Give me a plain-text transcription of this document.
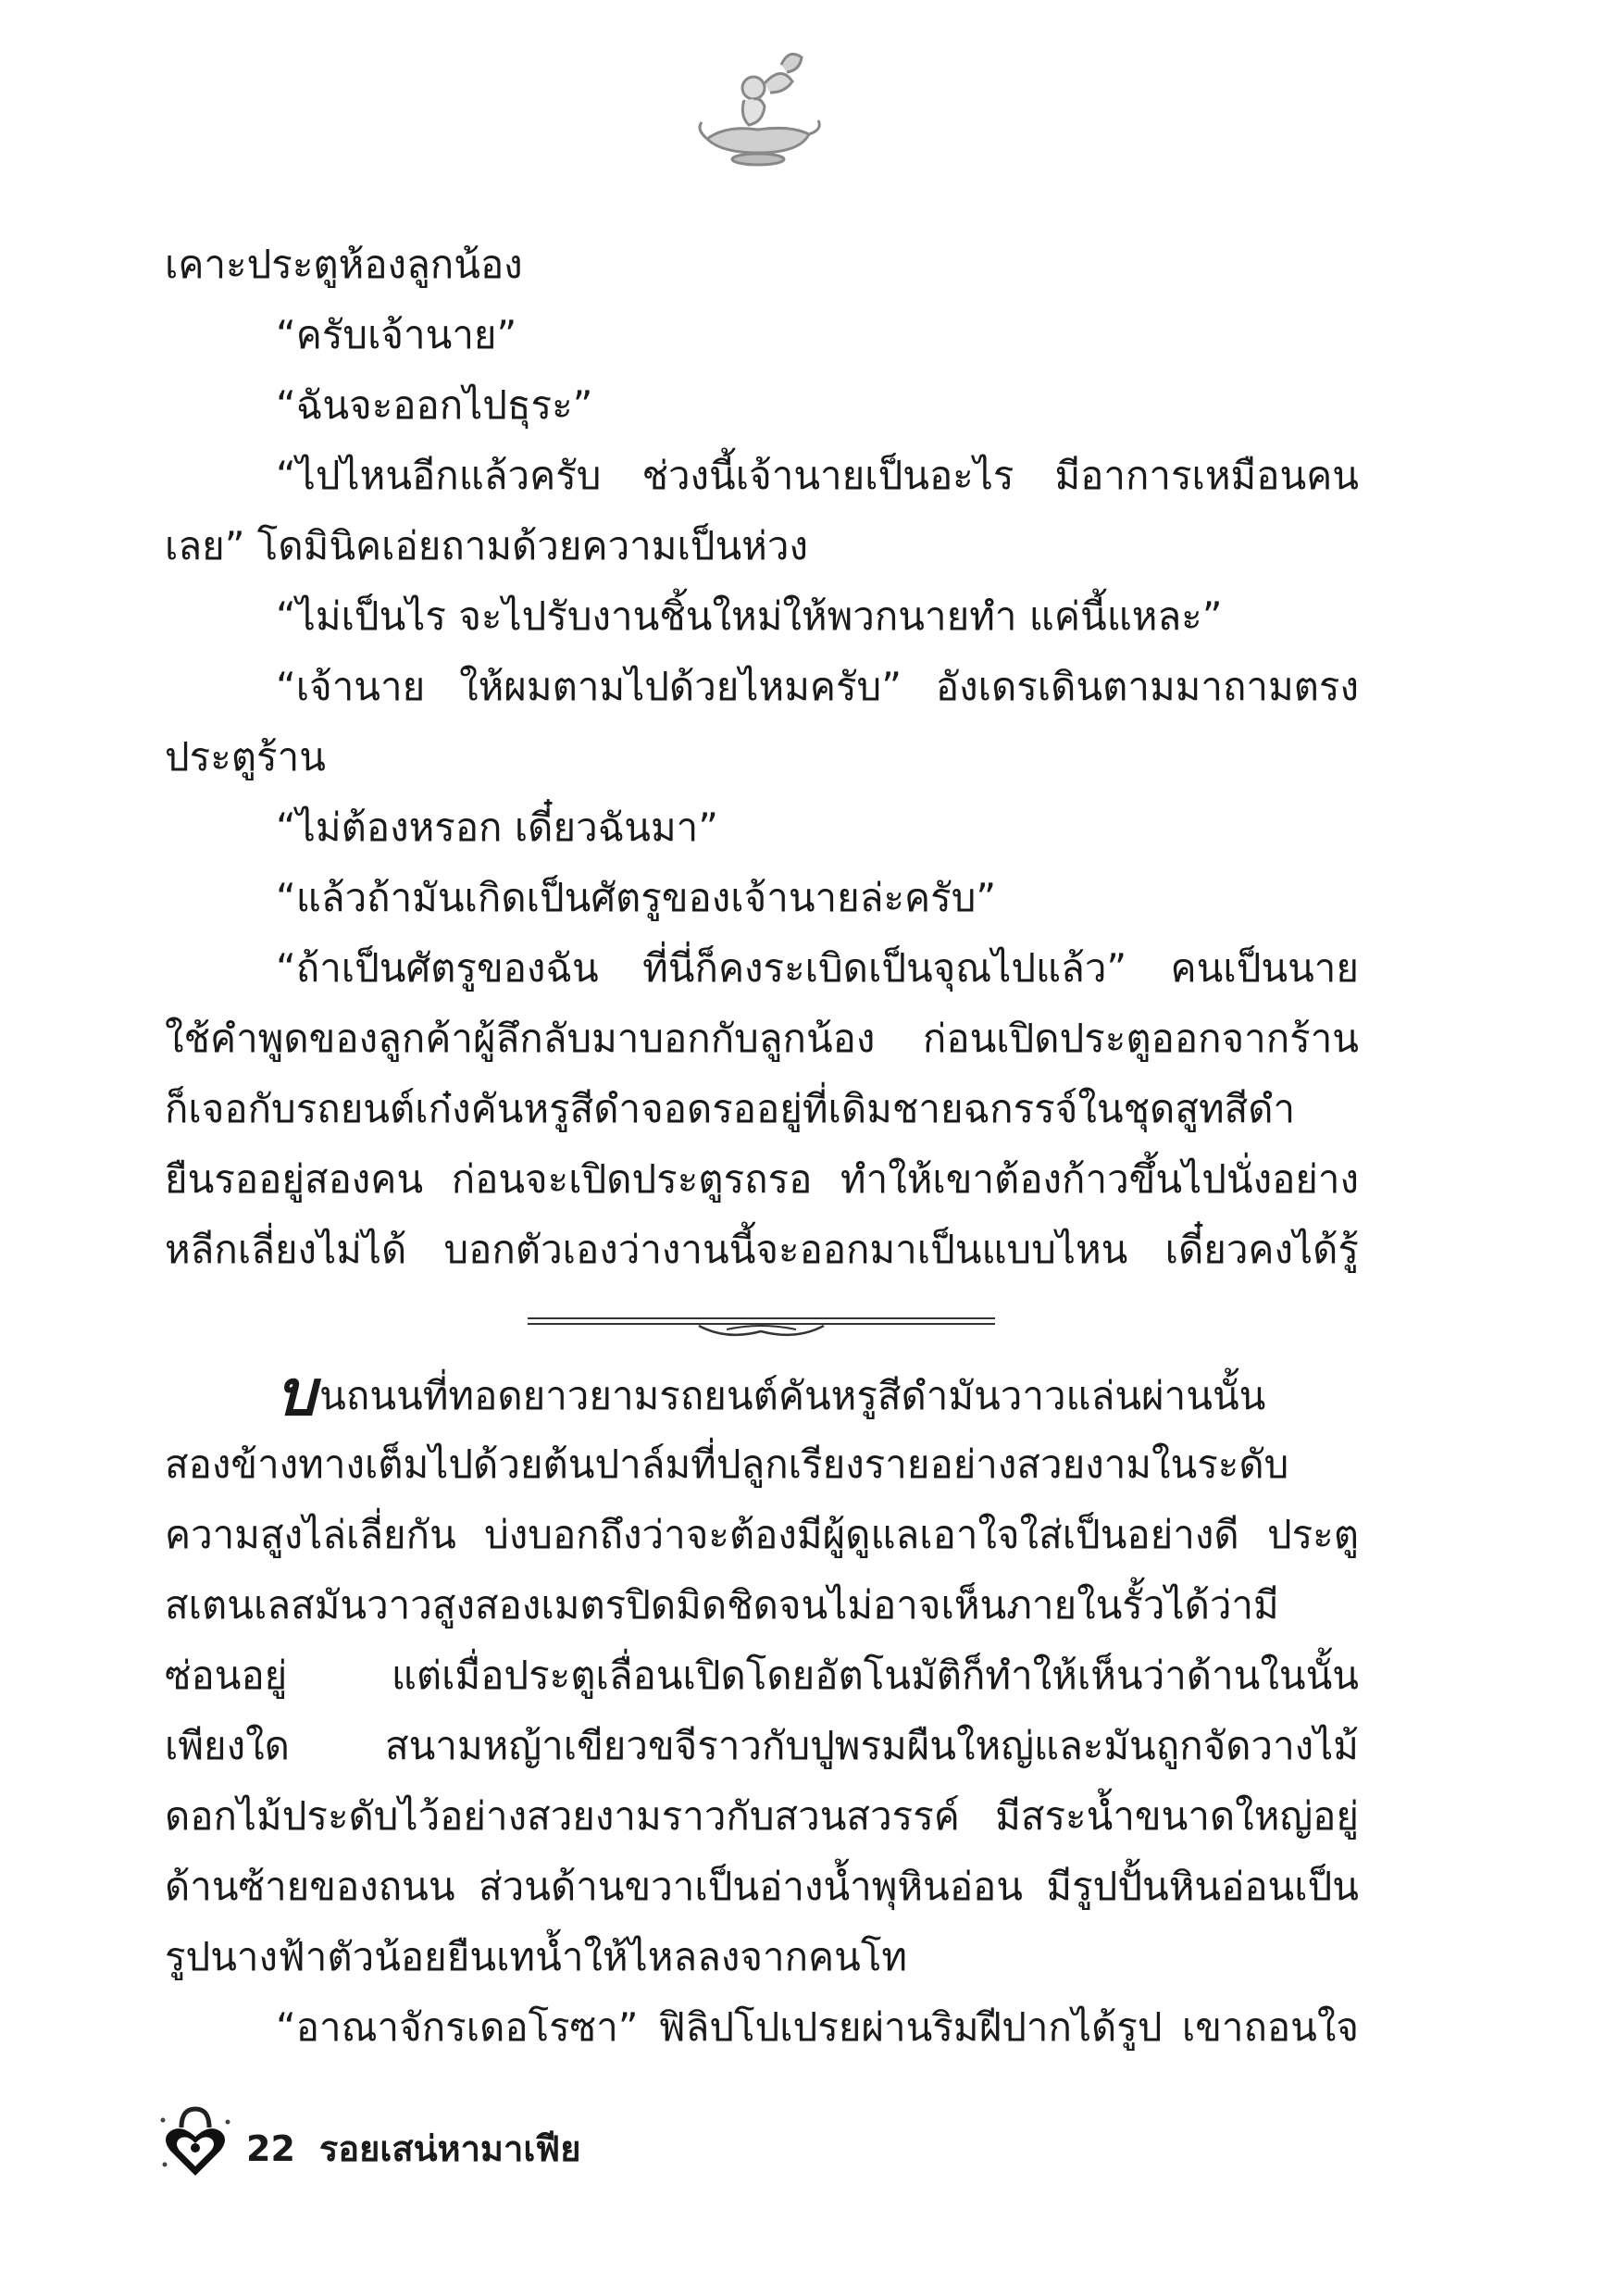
เคาะประตูห้องลูกน้อง
“ครับเจ้านาย”
“ฉันจะออกไปธุระ”
“ไปไหนอีกแล้วครับ ช่วงนี้เจ้านายเป็นอะไร มีอาการเหมือนคน
เลย” โดมินิคเอ่ยถามด้วยความเป็นห่วง
“ไม่เป็นไร จะไปรับงานชิ้นใหม่ให้พวกนายทำ แค่นี้แหละ”
“เจ้านาย ให้ผมตามไปด้วยไหมครับ” อังเดรเดินตามมาถามตรง
ประตูร้าน
“ไม่ต้องหรอก เดี๋ยวฉันมา”
“แล้วถ้ามันเกิดเป็นศัตรูของเจ้านายล่ะครับ”
“ถ้าเป็นศัตรูของฉัน ที่นี่ก็คงระเบิดเป็นจุณไปแล้ว” คนเป็นนาย
ใช้คำพูดของลูกค้าผู้ลึกลับมาบอกกับลูกน้อง ก่อนเปิดประตูออกจากร้าน
ก็เจอกับรถยนต์เก๋งคันหรูสีดำจอดรออยู่ที่เดิมชายฉกรรจ์ในชุดสูทสีดำ
ยืนรออยู่สองคน ก่อนจะเปิดประตูรถรอ ทำให้เขาต้องก้าวขึ้นไปนั่งอย่าง
หลีกเลี่ยงไม่ได้ บอกตัวเองว่างานนี้จะออกมาเป็นแบบไหน เดี๋ยวคงได้รู้
บนถนนที่ทอดยาวยามรถยนต์คันหรูสีดำมันวาวแล่นผ่านนั้น
สองข้างทางเต็มไปด้วยต้นปาล์มที่ปลูกเรียงรายอย่างสวยงามในระดับ
ความสูงไล่เลี่ยกัน บ่งบอกถึงว่าจะต้องมีผู้ดูแลเอาใจใส่เป็นอย่างดี ประตู
สเตนเลสมันวาวสูงสองเมตรปิดมิดชิดจนไม่อาจเห็นภายในรั้วได้ว่ามี
ซ่อนอยู่ แต่เมื่อประตูเลื่อนเปิดโดยอัตโนมัติก็ทำให้เห็นว่าด้านในนั้น
เพียงใด สนามหญ้าเขียวขจีราวกับปูพรมผืนใหญ่และมันถูกจัดวางไม้
ดอกไม้ประดับไว้อย่างสวยงามราวกับสวนสวรรค์ มีสระน้ำขนาดใหญ่อยู่
ด้านซ้ายของถนน ส่วนด้านขวาเป็นอ่างน้ำพุหินอ่อน มีรูปปั้นหินอ่อนเป็น
รูปนางฟ้าตัวน้อยยืนเทน้ำให้ไหลลงจากคนโท
“อาณาจักรเดอโรซา” ฟิลิปโปเปรยผ่านริมฝีปากได้รูป เขาถอนใจ
22 รอยเสน่หามาเฟีย
